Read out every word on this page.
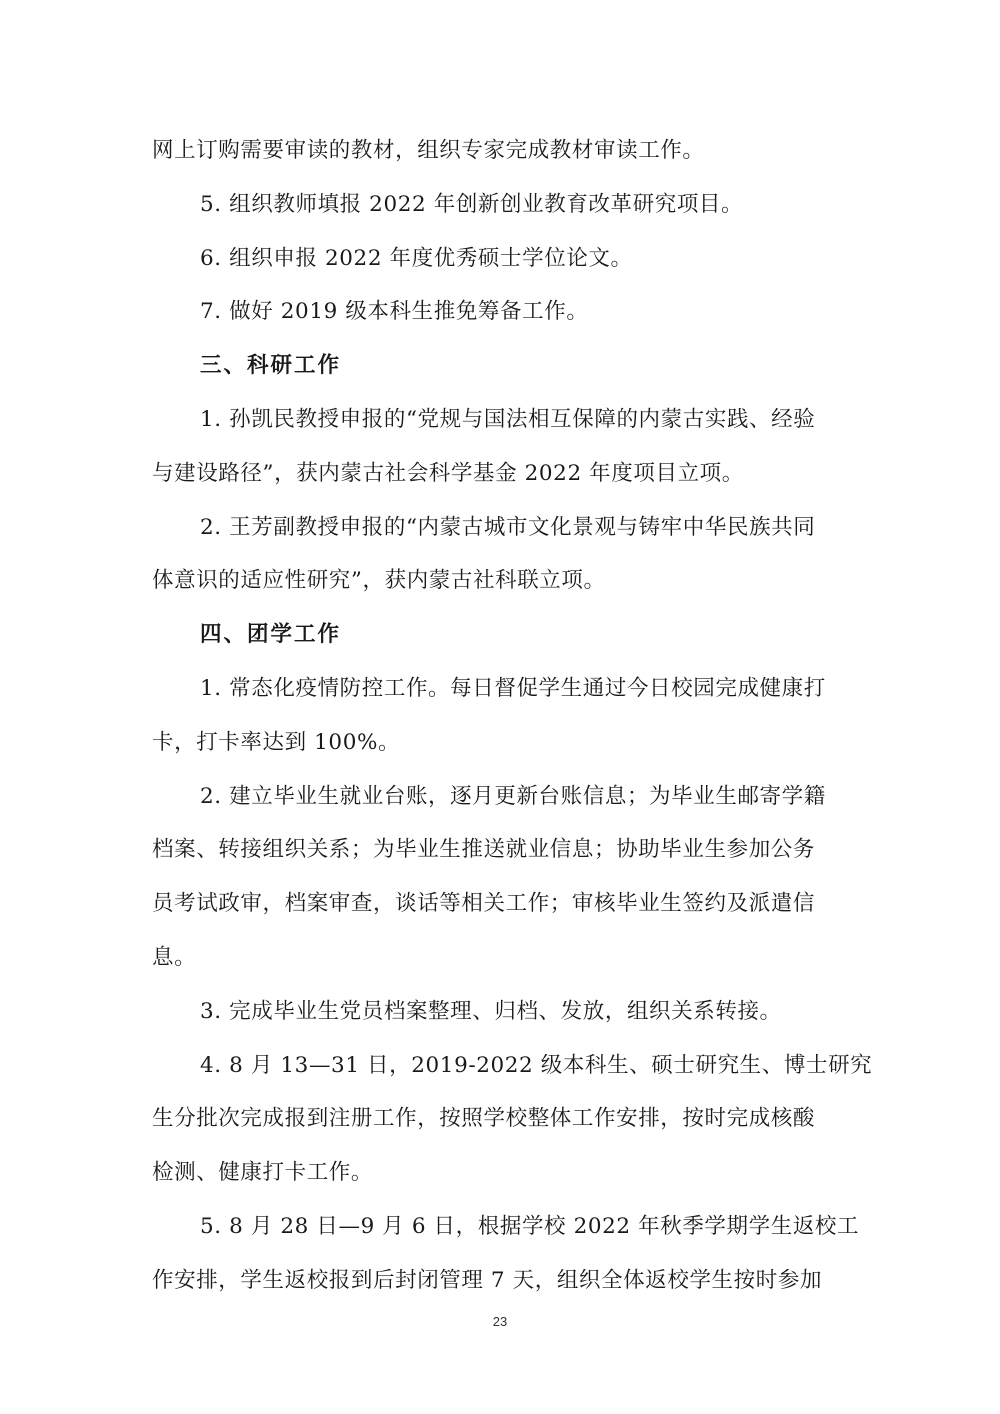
网上订购需要审读的教材，组织专家完成教材审读工作。
5. 组织教师填报 2022 年创新创业教育改革研究项目。
6. 组织申报 2022 年度优秀硕士学位论文。
7. 做好 2019 级本科生推免筹备工作。
三、科研工作
1. 孙凯民教授申报的“党规与国法相互保障的内蒙古实践、经验
与建设路径”，获内蒙古社会科学基金 2022 年度项目立项。
2. 王芳副教授申报的“内蒙古城市文化景观与铸牢中华民族共同
体意识的适应性研究”，获内蒙古社科联立项。
四、团学工作
1. 常态化疫情防控工作。每日督促学生通过今日校园完成健康打
卡，打卡率达到 100%。
2. 建立毕业生就业台账，逐月更新台账信息；为毕业生邮寄学籍
档案、转接组织关系；为毕业生推送就业信息；协助毕业生参加公务
员考试政审，档案审查，谈话等相关工作；审核毕业生签约及派遣信
息。
3. 完成毕业生党员档案整理、归档、发放，组织关系转接。
4. 8 月 13—31 日，2019-2022 级本科生、硕士研究生、博士研究
生分批次完成报到注册工作，按照学校整体工作安排，按时完成核酸
检测、健康打卡工作。
5. 8 月 28 日—9 月 6 日，根据学校 2022 年秋季学期学生返校工
作安排，学生返校报到后封闭管理 7 天，组织全体返校学生按时参加
23
